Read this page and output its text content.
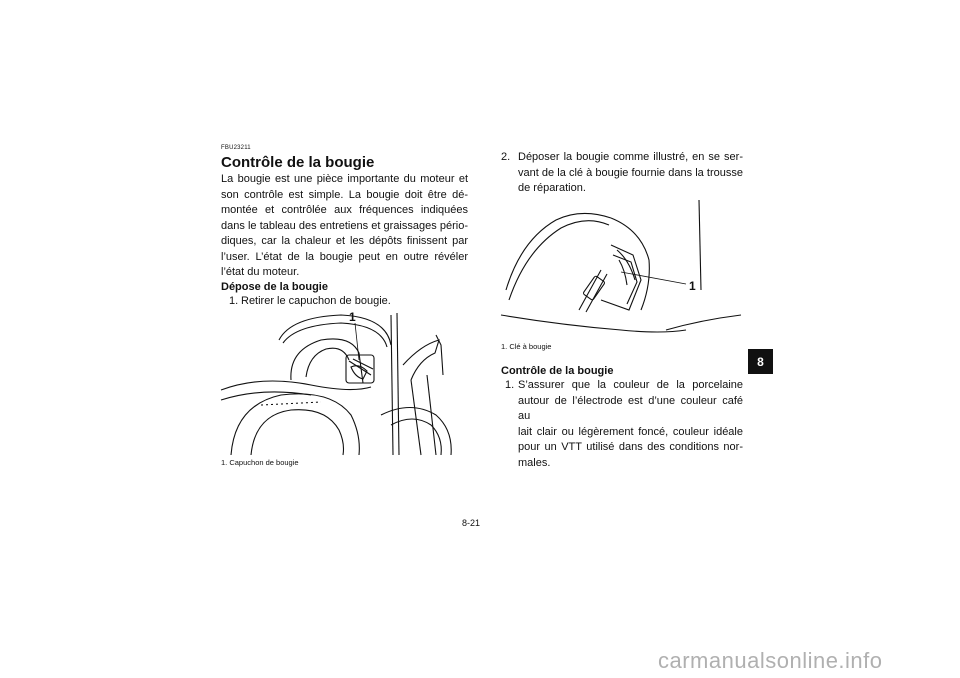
FBU23211
Contrôle de la bougie
La bougie est une pièce importante du moteur et
son contrôle est simple. La bougie doit être dé-
montée et contrôlée aux fréquences indiquées
dans le tableau des entretiens et graissages pério-
diques, car la chaleur et les dépôts finissent par
l’user. L’état de la bougie peut en outre révéler
l’état du moteur.
Dépose de la bougie
1. Retirer le capuchon de bougie.
1
1. Capuchon de bougie
2. Déposer la bougie comme illustré, en se ser-
vant de la clé à bougie fournie dans la trousse
de réparation.
1
1. Clé à bougie
Contrôle de la bougie
1. S’assurer que la couleur de la porcelaine
autour de l’électrode est d’une couleur café au
lait clair ou légèrement foncé, couleur idéale
pour un VTT utilisé dans des conditions nor-
males.
8
8-21
carmanualsonline.info
